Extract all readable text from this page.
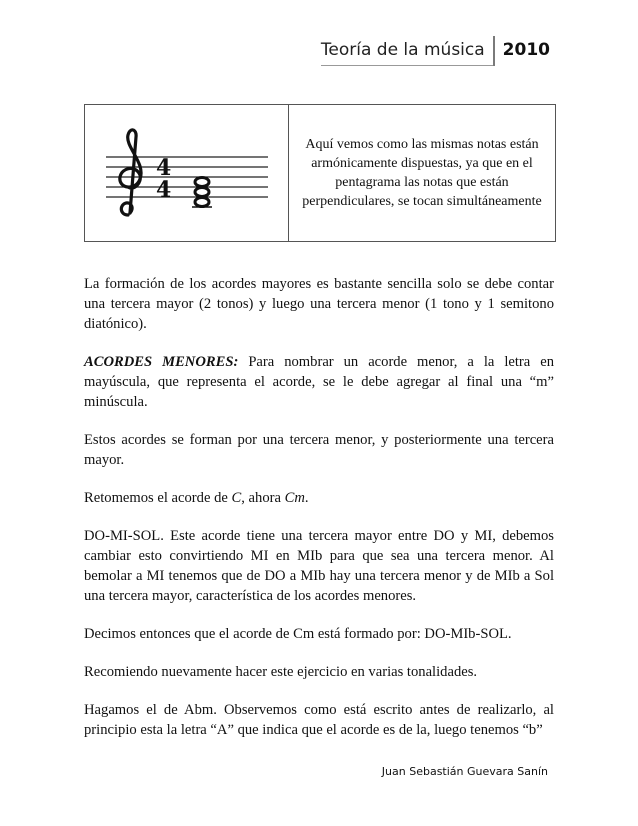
Teoría de la música	2010
4
4
Aquí vemos como las mismas notas están armónicamente dispuestas, ya que en el pentagrama las notas que están perpendiculares, se tocan simultáneamente

La formación de los acordes mayores es bastante sencilla solo se debe contar una tercera mayor (2 tonos) y luego una tercera menor (1 tono y 1 semitono diatónico).

ACORDES MENORES: Para nombrar un acorde menor, a la letra en mayúscula, que representa el acorde, se le debe agregar al final una “m” minúscula.

Estos acordes se forman por una tercera menor, y posteriormente una tercera mayor.

Retomemos el acorde de C, ahora Cm.

DO-MI-SOL. Este acorde tiene una tercera mayor entre DO y MI, debemos cambiar esto convirtiendo MI en MIb para que sea una tercera menor. Al bemolar a MI tenemos que de DO a MIb hay una tercera menor y de MIb a Sol una tercera mayor, característica de los acordes menores.

Decimos entonces que el acorde de Cm está formado por: DO-MIb-SOL.

Recomiendo nuevamente hacer este ejercicio en varias tonalidades.

Hagamos el de Abm. Observemos como está escrito antes de realizarlo, al principio esta la letra “A” que indica que el acorde es de la, luego tenemos “b”

Juan Sebastián Guevara Sanín
